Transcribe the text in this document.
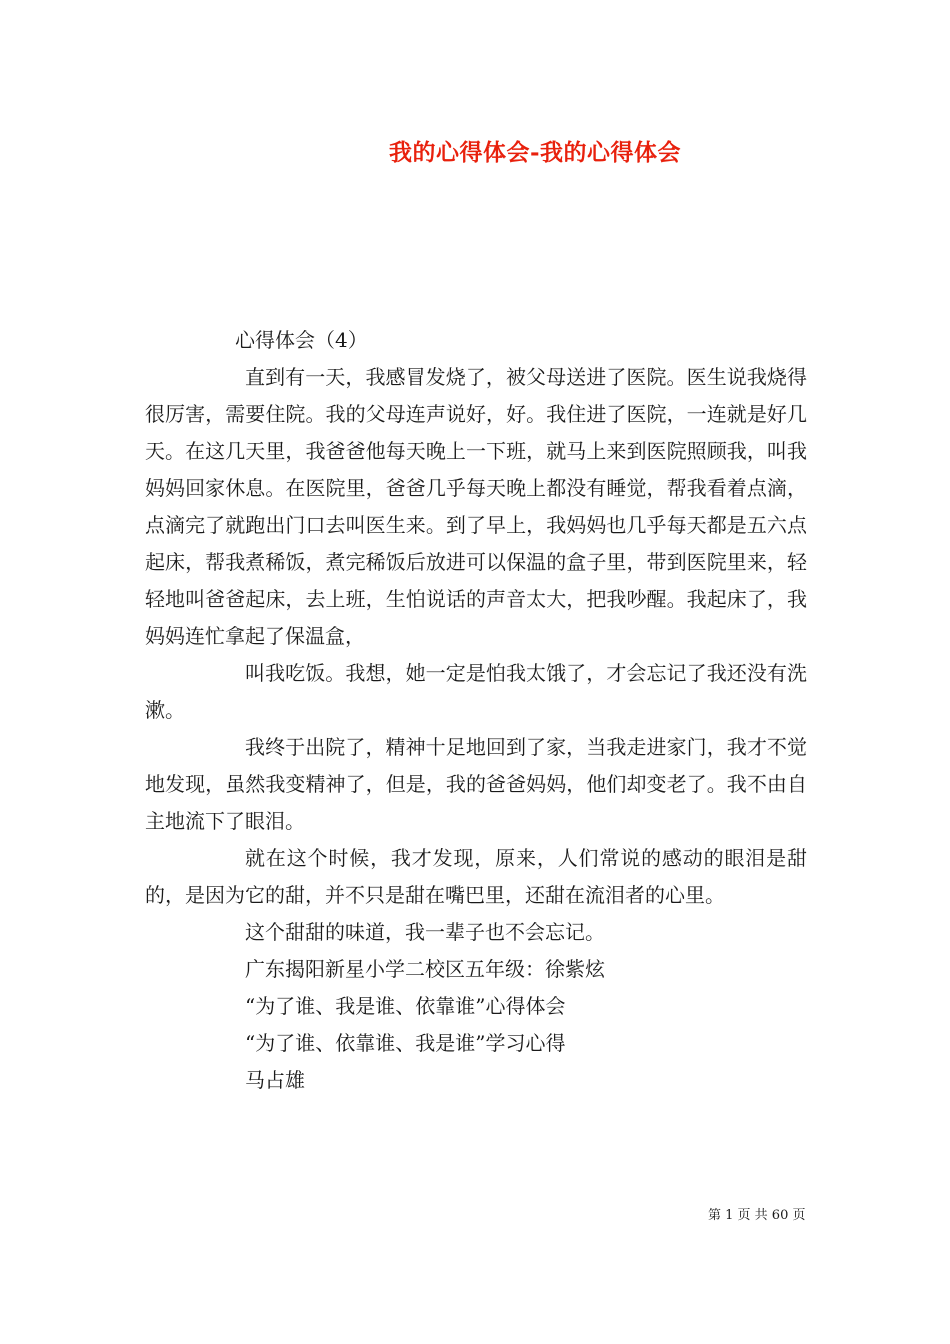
我的心得体会-我的心得体会

心得体会（4）

直到有一天，我感冒发烧了，被父母送进了医院。医生说我烧得很厉害，需要住院。我的父母连声说好，好。我住进了医院，一连就是好几天。在这几天里，我爸爸他每天晚上一下班，就马上来到医院照顾我，叫我妈妈回家休息。在医院里，爸爸几乎每天晚上都没有睡觉，帮我看着点滴，点滴完了就跑出门口去叫医生来。到了早上，我妈妈也几乎每天都是五六点起床，帮我煮稀饭，煮完稀饭后放进可以保温的盒子里，带到医院里来，轻轻地叫爸爸起床，去上班，生怕说话的声音太大，把我吵醒。我起床了，我妈妈连忙拿起了保温盒，

叫我吃饭。我想，她一定是怕我太饿了，才会忘记了我还没有洗漱。

我终于出院了，精神十足地回到了家，当我走进家门，我才不觉地发现，虽然我变精神了，但是，我的爸爸妈妈，他们却变老了。我不由自主地流下了眼泪。

就在这个时候，我才发现，原来，人们常说的感动的眼泪是甜的，是因为它的甜，并不只是甜在嘴巴里，还甜在流泪者的心里。

这个甜甜的味道，我一辈子也不会忘记。

广东揭阳新星小学二校区五年级：徐紫炫

“为了谁、我是谁、依靠谁”心得体会

“为了谁、依靠谁、我是谁”学习心得

马占雄

第 1 页 共 60 页
